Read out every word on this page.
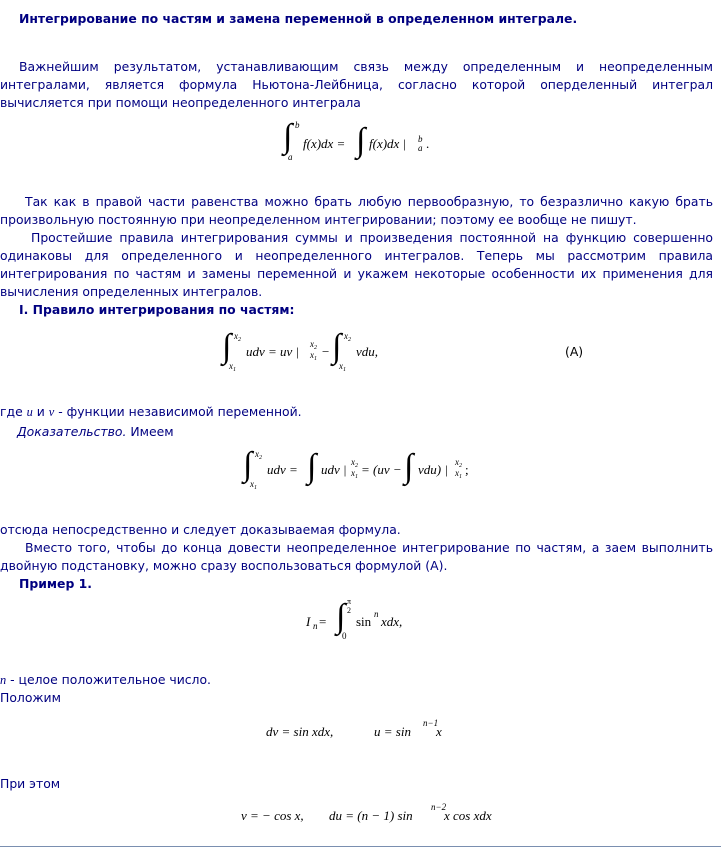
Интегрирование по частям и замена переменной в определенном интеграле.

Важнейшим результатом, устанавливающим связь между определенным и неопределенным интегралами, является формула Ньютона-Лейбница, согласно которой оперделенный интеграл вычисляется при помощи неопределенного интеграла

∫ b
a
f(x)dx = ∫ f(x)dx | b
a .

Так как в правой части равенства можно брать любую первообразную, то безразлично какую брать произвольную постоянную при неопределенном интегрировании; поэтому ее вообще не пишут.

Простейшие правила интегрирования суммы и произведения постоянной на функцию совершенно одинаковы для определенного и неопределенного интегралов. Теперь мы рассмотрим правила интегрирования по частям и замены переменной и укажем некоторые особенности их применения для вычисления определенных интегралов.

I. Правило интегрирования по частям:

∫ $x_2$
$x_1$
udv = uv | $x_2$
$x_1$ − ∫ $x_2$
$x_1$
vdu,	(A)

где u и v - функции независимой переменной.

Доказательство. Имеем

∫ $x_2$
$x_1$
udv = ∫ udv | $x_2$
$x_1 = (uv$ − ∫ vdu) | $x_2$
$x_1$ ;

отсюда непосредственно и следует доказываемая формула.

Вместо того, чтобы до конца довести неопределенное интегрирование по частям, а заем выполнить двойную подстановку, можно сразу воспользоваться формулой (A).

Пример 1.

I n = ∫ π
2
0
sin n xdx,

n - целое положительное число.

Положим

dv = sin xdx,	u = sin
n−1
x

При этом

v = − cos x, du = (n − 1) sin
n−2
x cos xdx
